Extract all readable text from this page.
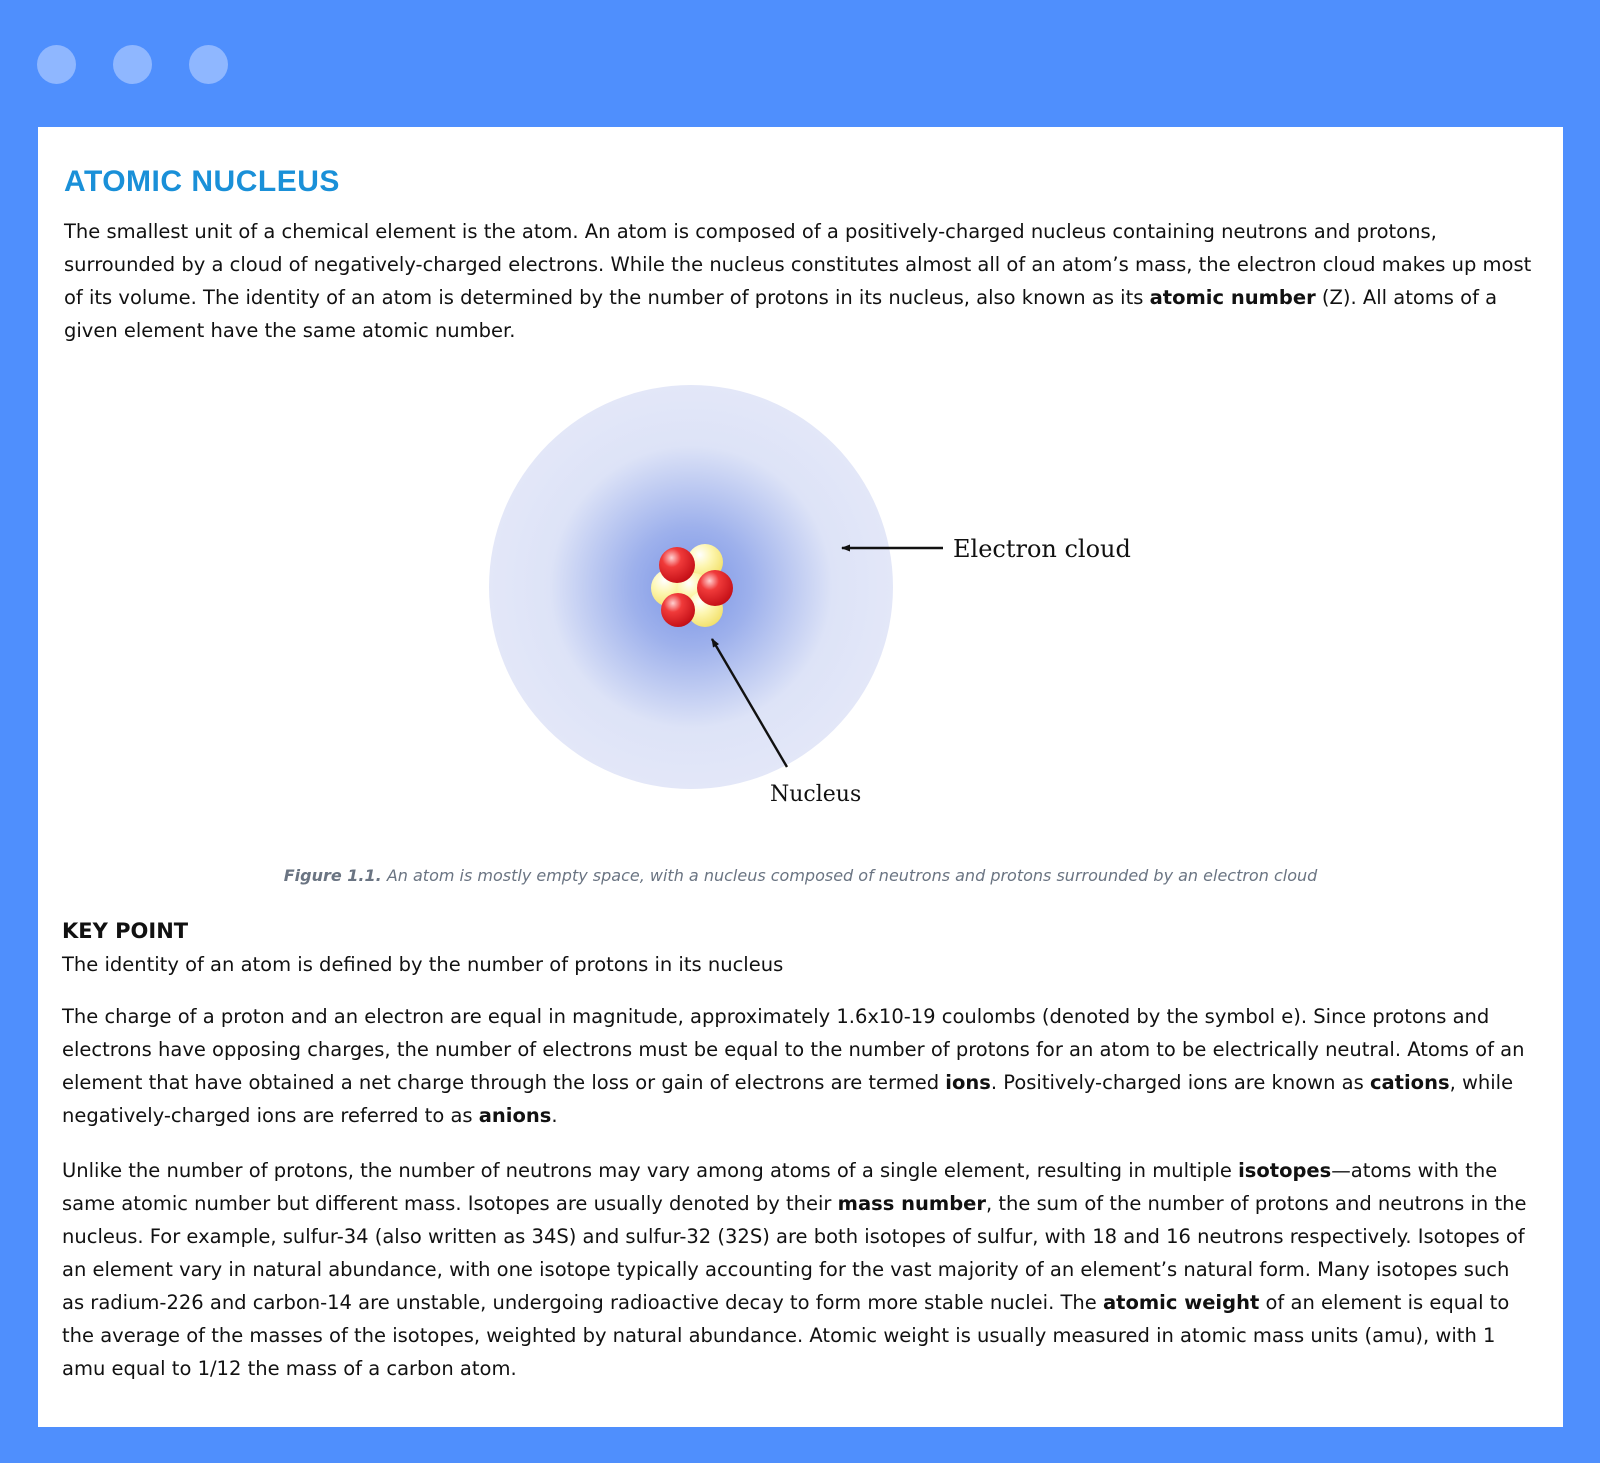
ATOMIC NUCLEUS

The smallest unit of a chemical element is the atom. An atom is composed of a positively-charged nucleus containing neutrons and protons, surrounded by a cloud of negatively-charged electrons. While the nucleus constitutes almost all of an atom’s mass, the electron cloud makes up most of its volume. The identity of an atom is determined by the number of protons in its nucleus, also known as its atomic number (Z). All atoms of a given element have the same atomic number.

Electron cloud
Nucleus
Figure 1.1. An atom is mostly empty space, with a nucleus composed of neutrons and protons surrounded by an electron cloud
KEY POINT

The identity of an atom is defined by the number of protons in its nucleus

The charge of a proton and an electron are equal in magnitude, approximately 1.6x10-19 coulombs (denoted by the symbol e). Since protons and electrons have opposing charges, the number of electrons must be equal to the number of protons for an atom to be electrically neutral. Atoms of an element that have obtained a net charge through the loss or gain of electrons are termed ions. Positively-charged ions are known as cations, while negatively-charged ions are referred to as anions.

Unlike the number of protons, the number of neutrons may vary among atoms of a single element, resulting in multiple isotopes—atoms with the same atomic number but different mass. Isotopes are usually denoted by their mass number, the sum of the number of protons and neutrons in the nucleus. For example, sulfur-34 (also written as 34S) and sulfur-32 (32S) are both isotopes of sulfur, with 18 and 16 neutrons respectively. Isotopes of an element vary in natural abundance, with one isotope typically accounting for the vast majority of an element’s natural form. Many isotopes such as radium-226 and carbon-14 are unstable, undergoing radioactive decay to form more stable nuclei. The atomic weight of an element is equal to the average of the masses of the isotopes, weighted by natural abundance. Atomic weight is usually measured in atomic mass units (amu), with 1 amu equal to 1/12 the mass of a carbon atom.
